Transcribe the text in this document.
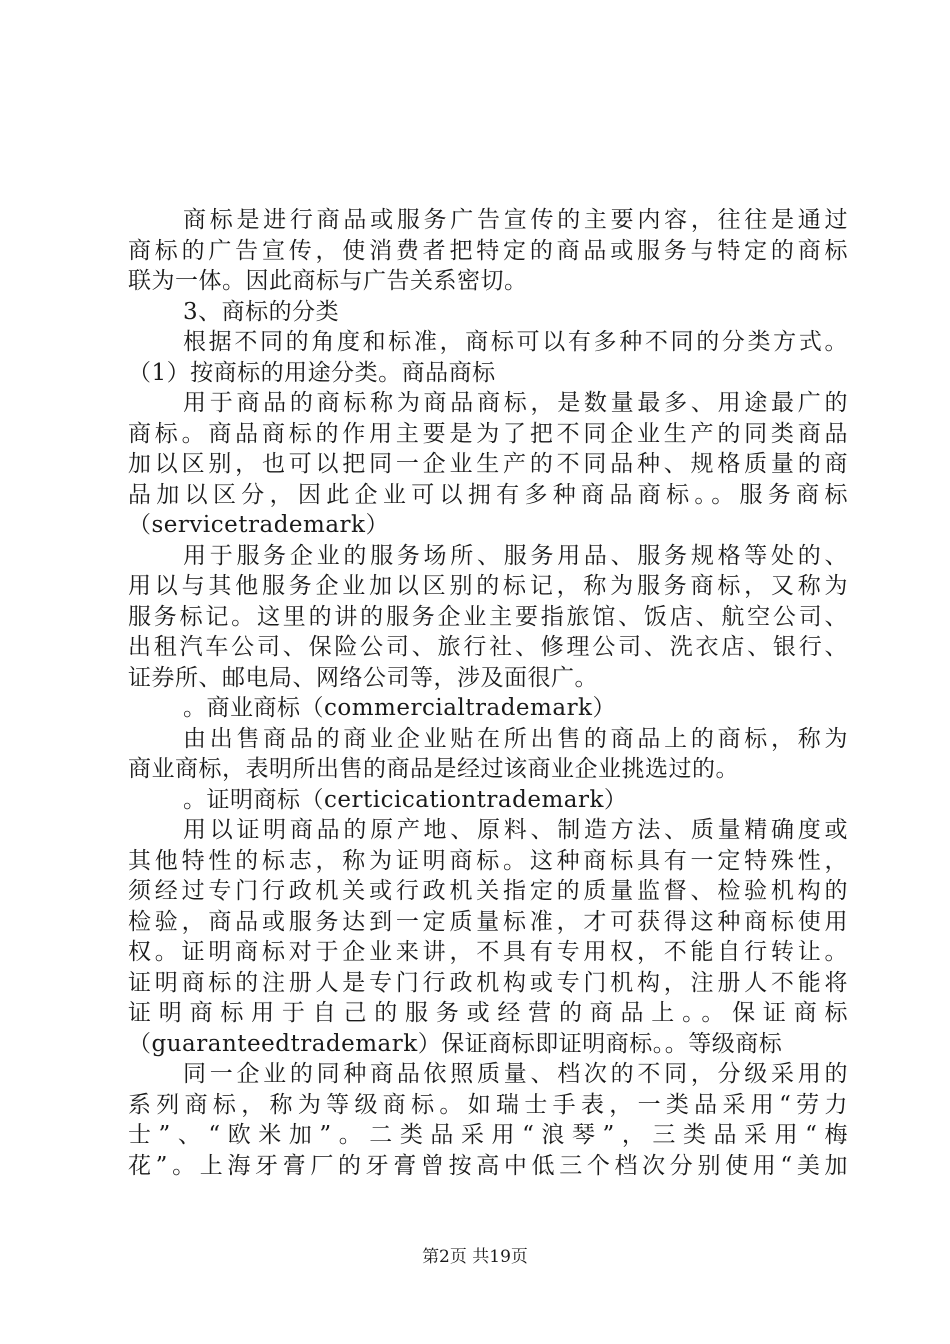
商标是进行商品或服务广告宣传的主要内容，往往是通过
商标的广告宣传，使消费者把特定的商品或服务与特定的商标
联为一体。因此商标与广告关系密切。
3、商标的分类
根据不同的角度和标准，商标可以有多种不同的分类方式。
（1）按商标的用途分类。商品商标
用于商品的商标称为商品商标，是数量最多、用途最广的
商标。商品商标的作用主要是为了把不同企业生产的同类商品
加以区别，也可以把同一企业生产的不同品种、规格质量的商
品加以区分，因此企业可以拥有多种商品商标。。服务商标
（servicetrademark）
用于服务企业的服务场所、服务用品、服务规格等处的、
用以与其他服务企业加以区别的标记，称为服务商标，又称为
服务标记。这里的讲的服务企业主要指旅馆、饭店、航空公司、
出租汽车公司、保险公司、旅行社、修理公司、洗衣店、银行、
证券所、邮电局、网络公司等，涉及面很广。
。商业商标（commercialtrademark）
由出售商品的商业企业贴在所出售的商品上的商标，称为
商业商标，表明所出售的商品是经过该商业企业挑选过的。
。证明商标（certicicationtrademark）
用以证明商品的原产地、原料、制造方法、质量精确度或
其他特性的标志，称为证明商标。这种商标具有一定特殊性，
须经过专门行政机关或行政机关指定的质量监督、检验机构的
检验，商品或服务达到一定质量标准，才可获得这种商标使用
权。证明商标对于企业来讲，不具有专用权，不能自行转让。
证明商标的注册人是专门行政机构或专门机构，注册人不能将
证明商标用于自己的服务或经营的商品上。。保证商标
（guaranteedtrademark）保证商标即证明商标。。等级商标
同一企业的同种商品依照质量、档次的不同，分级采用的
系列商标，称为等级商标。如瑞士手表，一类品采用“劳力
士”、“欧米加”。二类品采用“浪琴”，三类品采用“梅
花”。上海牙膏厂的牙膏曾按高中低三个档次分别使用“美加
第2页 共19页
